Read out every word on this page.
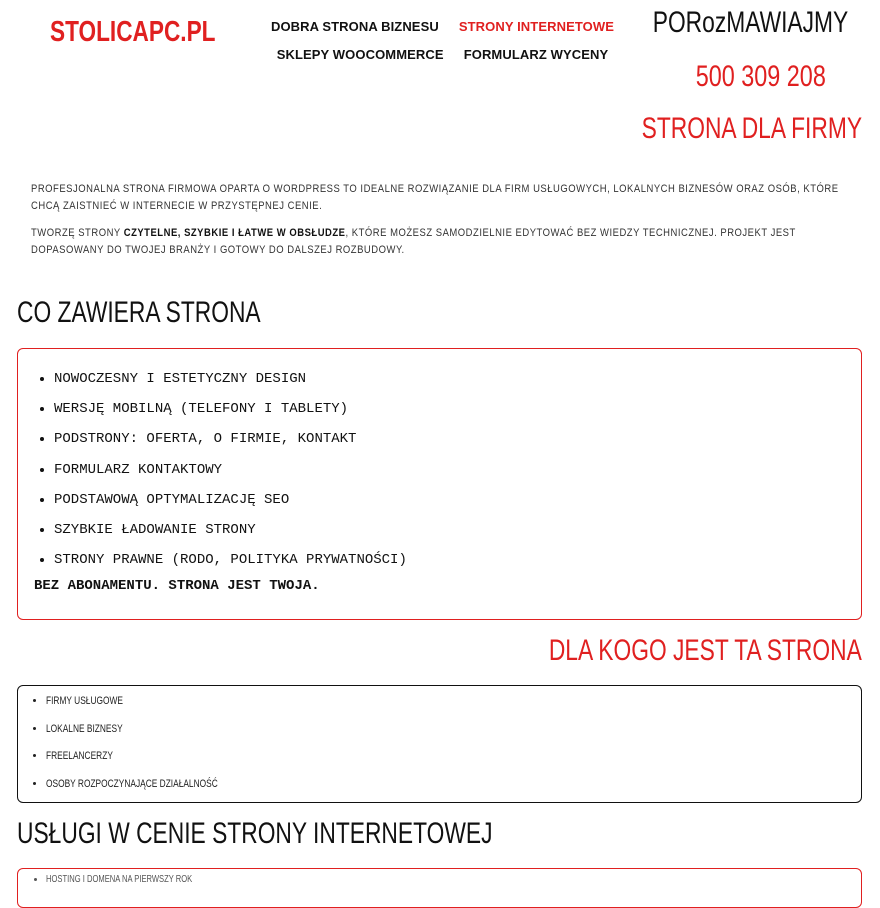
STOLICAPC.PL	DOBRA STRONA BIZNESU STRONY INTERNETOWE
SKLEPY WOOCOMMERCE FORMULARZ WYCENY
PORozMAWIAJMY
500 309 208
STRONA DLA FIRMY

PROFESJONALNA STRONA FIRMOWA OPARTA O WORDPRESS TO IDEALNE ROZWIĄZANIE DLA FIRM USŁUGOWYCH, LOKALNYCH BIZNESÓW ORAZ OSÓB, KTÓRE CHCĄ ZAISTNIEĆ W INTERNECIE W PRZYSTĘPNEJ CENIE.

TWORZĘ STRONY CZYTELNE, SZYBKIE I ŁATWE W OBSŁUDZE, KTÓRE MOŻESZ SAMODZIELNIE EDYTOWAĆ BEZ WIEDZY TECHNICZNEJ. PROJEKT JEST DOPASOWANY DO TWOJEJ BRANŻY I GOTOWY DO DALSZEJ ROZBUDOWY.

CO ZAWIERA STRONA
• NOWOCZESNY I ESTETYCZNY DESIGN
• WERSJĘ MOBILNĄ (TELEFONY I TABLETY)
• PODSTRONY: OFERTA, O FIRMIE, KONTAKT
• FORMULARZ KONTAKTOWY
• PODSTAWOWĄ OPTYMALIZACJĘ SEO
• SZYBKIE ŁADOWANIE STRONY
• STRONY PRAWNE (RODO, POLITYKA PRYWATNOŚCI)
BEZ ABONAMENTU. STRONA JEST TWOJA.
DLA KOGO JEST TA STRONA
• FIRMY USŁUGOWE
• LOKALNE BIZNESY
• FREELANCERZY
• OSOBY ROZPOCZYNAJĄCE DZIAŁALNOŚĆ
USŁUGI W CENIE STRONY INTERNETOWEJ
• HOSTING I DOMENA NA PIERWSZY ROK
